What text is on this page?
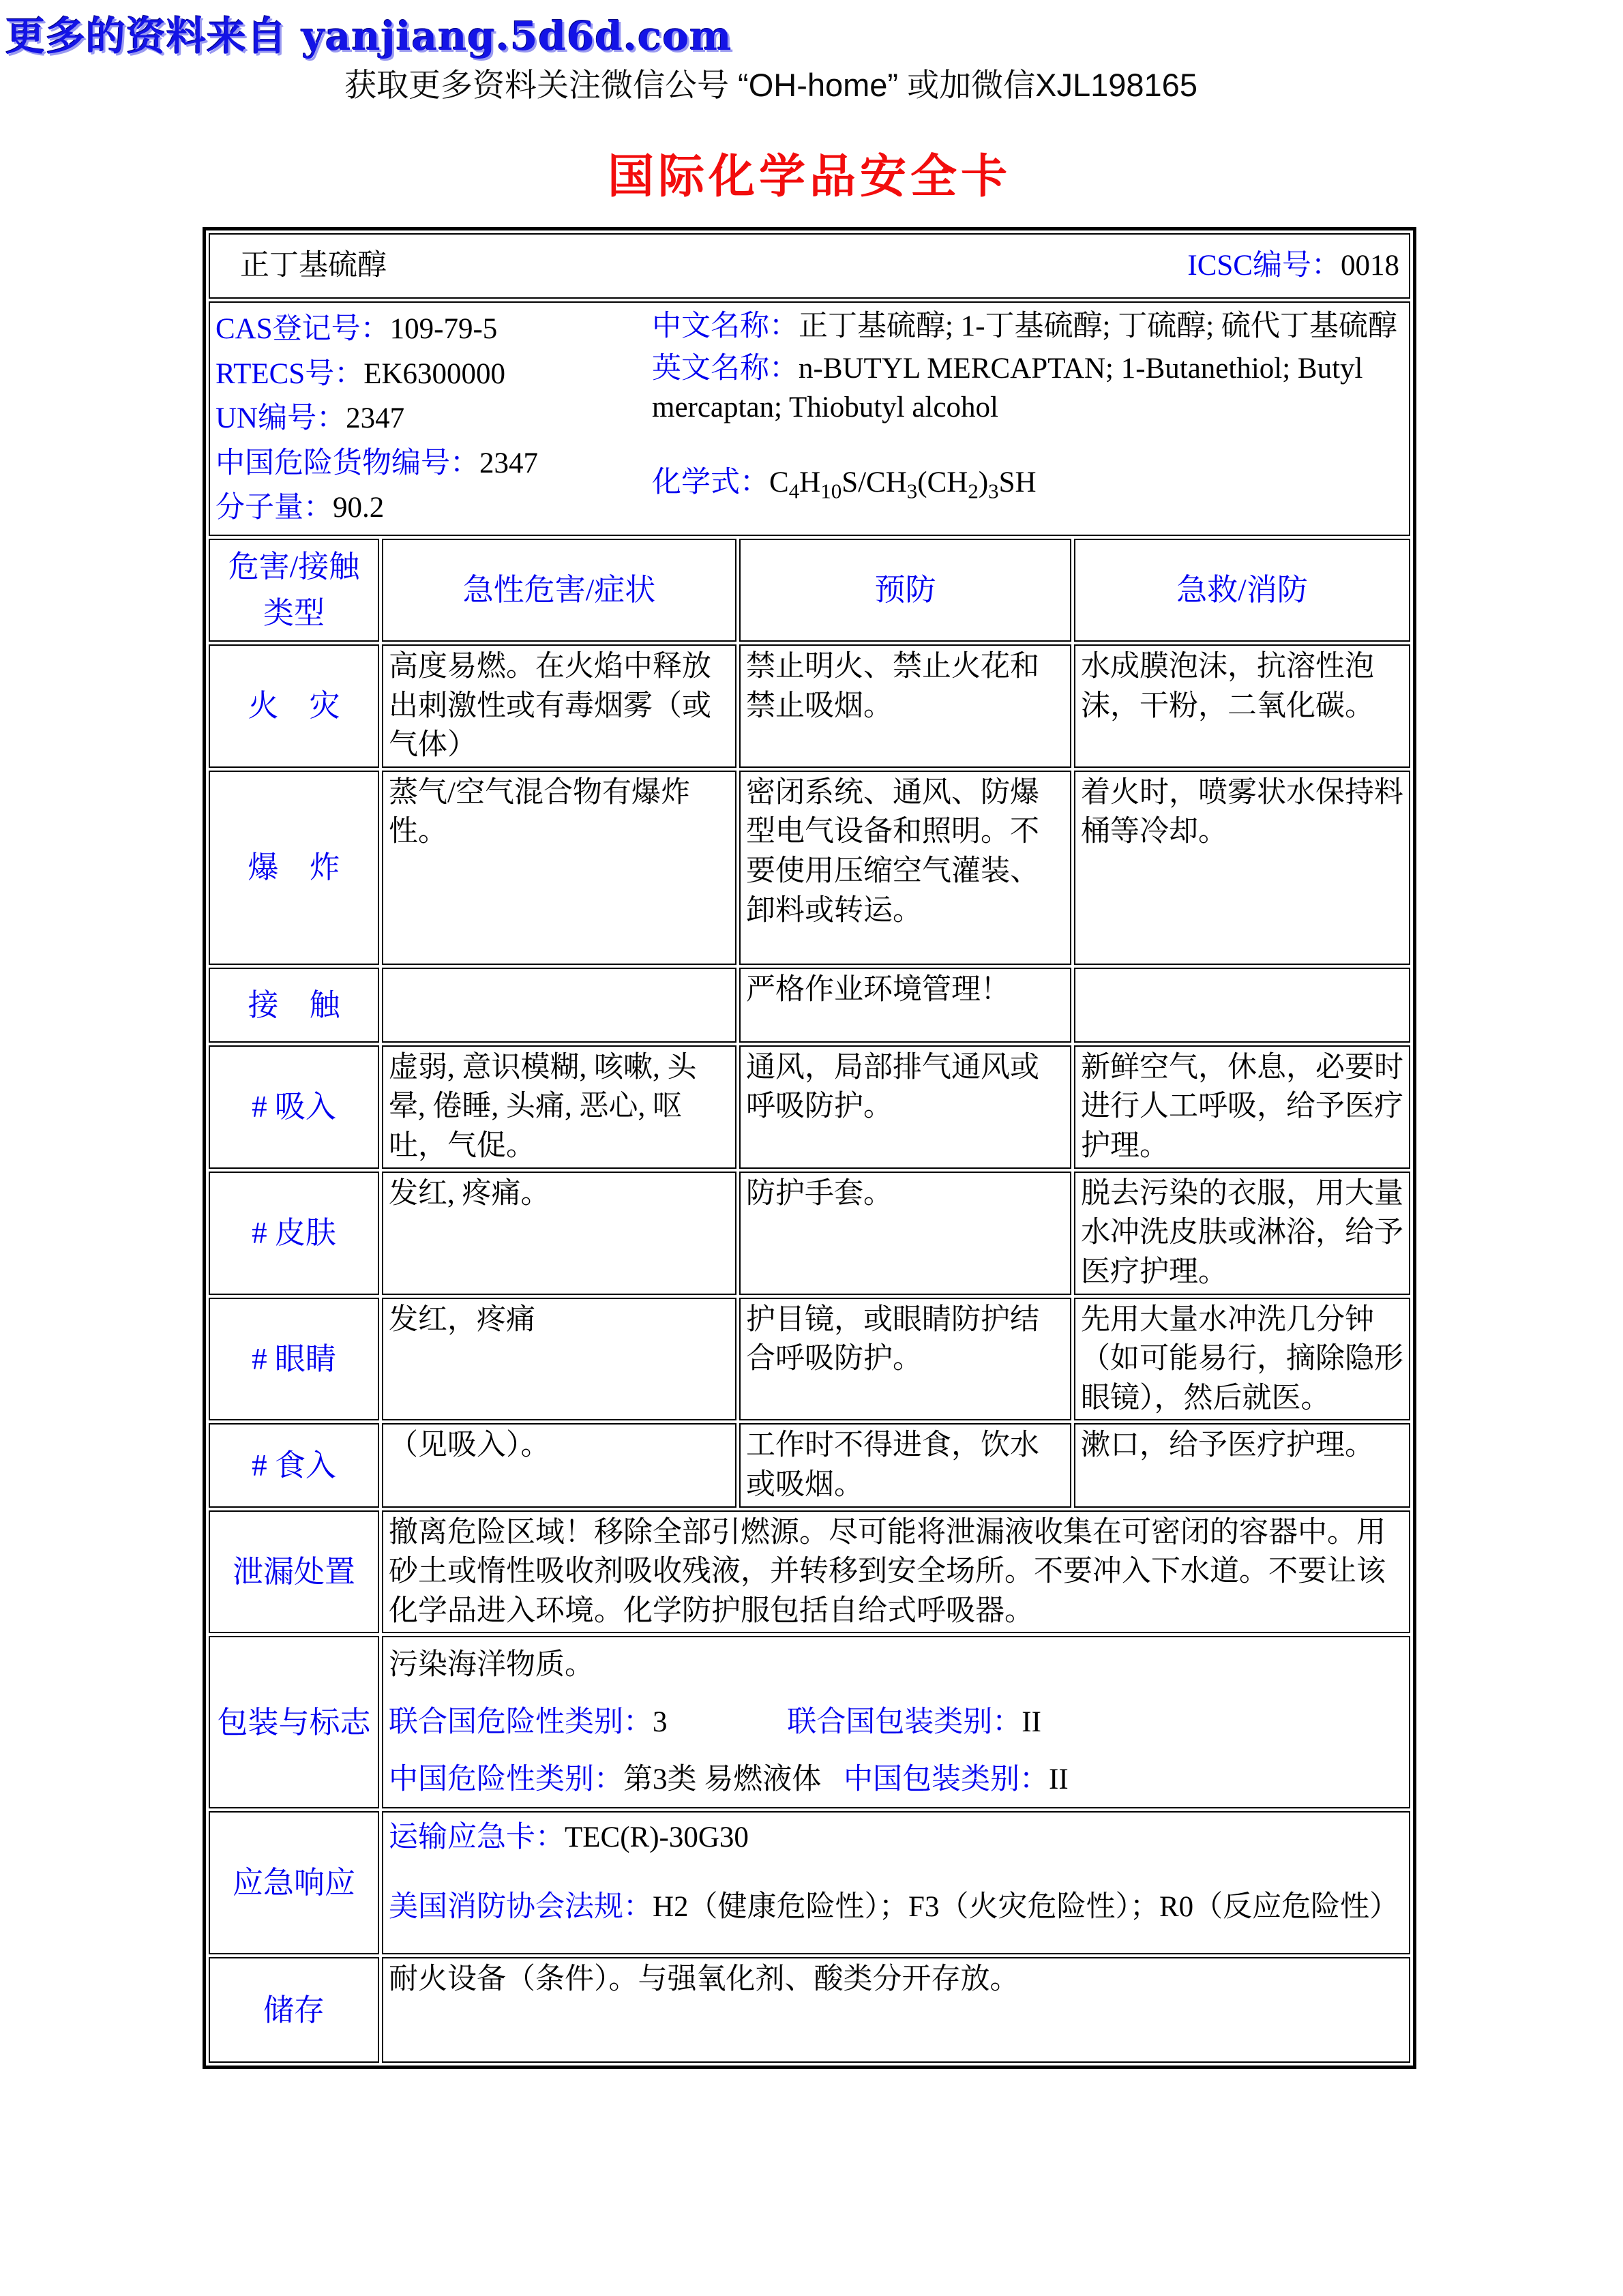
更多的资料来自 yanjiang.5d6d.com
获取更多资料关注微信公号 “OH-home” 或加微信XJL198165
国际化学品安全卡
正丁基硫醇 ICSC编号：0018			

CAS登记号：109-79-5
RTECS号：EK6300000
UN编号：2347
中国危险货物编号：2347
分子量：90.2
中文名称：正丁基硫醇; 1-丁基硫醇; 丁硫醇; 硫代丁基硫醇
英文名称：n-BUTYL MERCAPTAN; 1-Butanethiol; Butyl mercaptan; Thiobutyl alcohol
化学式：$C_4H_{10}S/CH_3(CH_2)_3SH$

危害/接触类型	急性危害/症状	预防	急救/消防
火　灾	高度易燃。在火焰中释放出刺激性或有毒烟雾（或气体）	禁止明火、禁止火花和禁止吸烟。	水成膜泡沫，抗溶性泡沫，干粉，二氧化碳。
爆　炸	蒸气/空气混合物有爆炸性。	密闭系统、通风、防爆型电气设备和照明。不要使用压缩空气灌装、卸料或转运。	着火时，喷雾状水保持料桶等冷却。
接　触		严格作业环境管理！	
# 吸入	虚弱, 意识模糊, 咳嗽, 头晕, 倦睡, 头痛, 恶心, 呕吐，气促。	通风，局部排气通风或呼吸防护。	新鲜空气，休息，必要时进行人工呼吸，给予医疗护理。
# 皮肤	发红, 疼痛。	防护手套。	脱去污染的衣服，用大量水冲洗皮肤或淋浴，给予医疗护理。
# 眼睛	发红，疼痛	护目镜，或眼睛防护结合呼吸防护。	先用大量水冲洗几分钟（如可能易行，摘除隐形眼镜），然后就医。
# 食入	（见吸入）。	工作时不得进食，饮水或吸烟。	漱口，给予医疗护理。
泄漏处置	撤离危险区域！移除全部引燃源。尽可能将泄漏液收集在可密闭的容器中。用砂土或惰性吸收剂吸收残液，并转移到安全场所。不要冲入下水道。不要让该化学品进入环境。化学防护服包括自给式呼吸器。		
包装与标志	污染海洋物质。
联合国危险性类别：3 联合国包装类别：II
中国危险性类别：第3类 易燃液体 中国包装类别：II		

应急响应	运输应急卡：TEC(R)-30G30
美国消防协会法规：H2（健康危险性）；F3（火灾危险性）；R0（反应危险性）		

储存	耐火设备（条件）。与强氧化剂、酸类分开存放。		
